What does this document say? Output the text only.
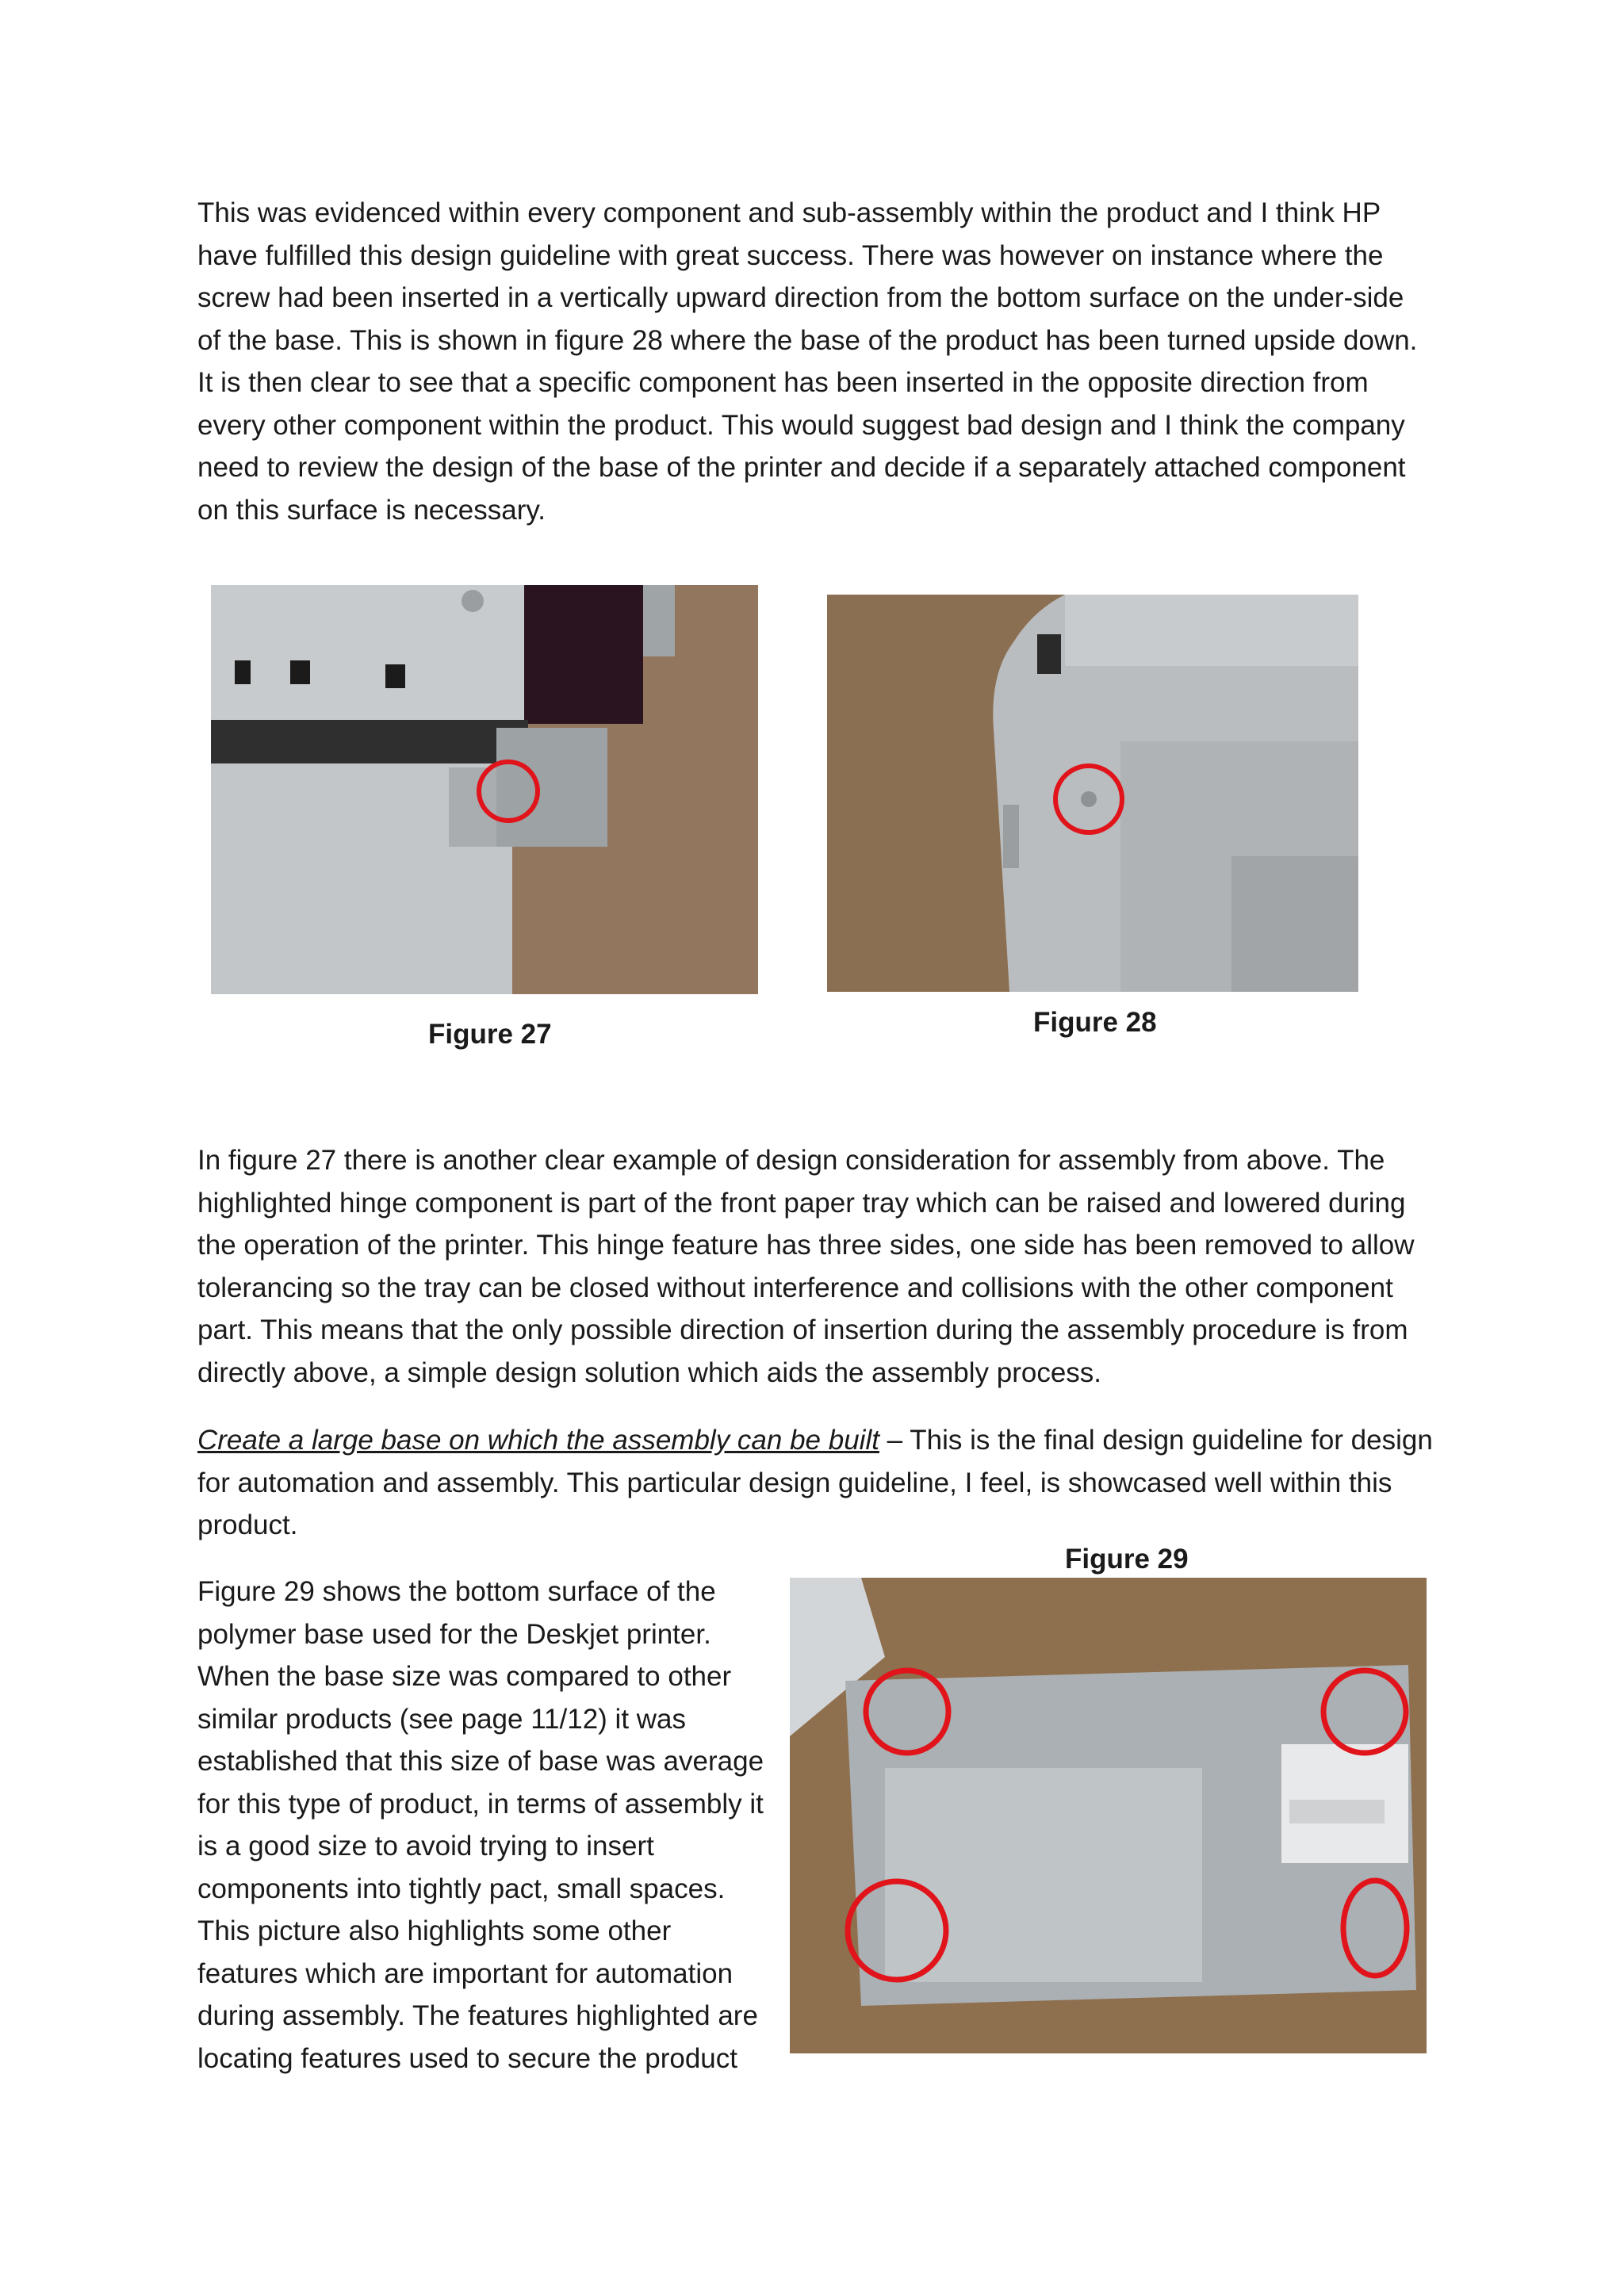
This was evidenced within every component and sub-assembly within the product and I think HP have fulfilled this design guideline with great success. There was however on instance where the screw had been inserted in a vertically upward direction from the bottom surface on the under-side of the base. This is shown in figure 28 where the base of the product has been turned upside down. It is then clear to see that a specific component has been inserted in the opposite direction from every other component within the product. This would suggest bad design and I think the company need to review the design of the base of the printer and decide if a separately attached component on this surface is necessary.

Figure 27	Figure 28

In figure 27 there is another clear example of design consideration for assembly from above. The highlighted hinge component is part of the front paper tray which can be raised and lowered during the operation of the printer. This hinge feature has three sides, one side has been removed to allow tolerancing so the tray can be closed without interference and collisions with the other component part. This means that the only possible direction of insertion during the assembly procedure is from directly above, a simple design solution which aids the assembly process.

Create a large base on which the assembly can be built – This is the final design guideline for design for automation and assembly. This particular design guideline, I feel, is showcased well within this product.

Figure 29

Figure 29 shows the bottom surface of the polymer base used for the Deskjet printer. When the base size was compared to other similar products (see page 11/12) it was established that this size of base was average for this type of product, in terms of assembly it is a good size to avoid trying to insert components into tightly pact, small spaces. This picture also highlights some other features which are important for automation during assembly. The features highlighted are locating features used to secure the product
